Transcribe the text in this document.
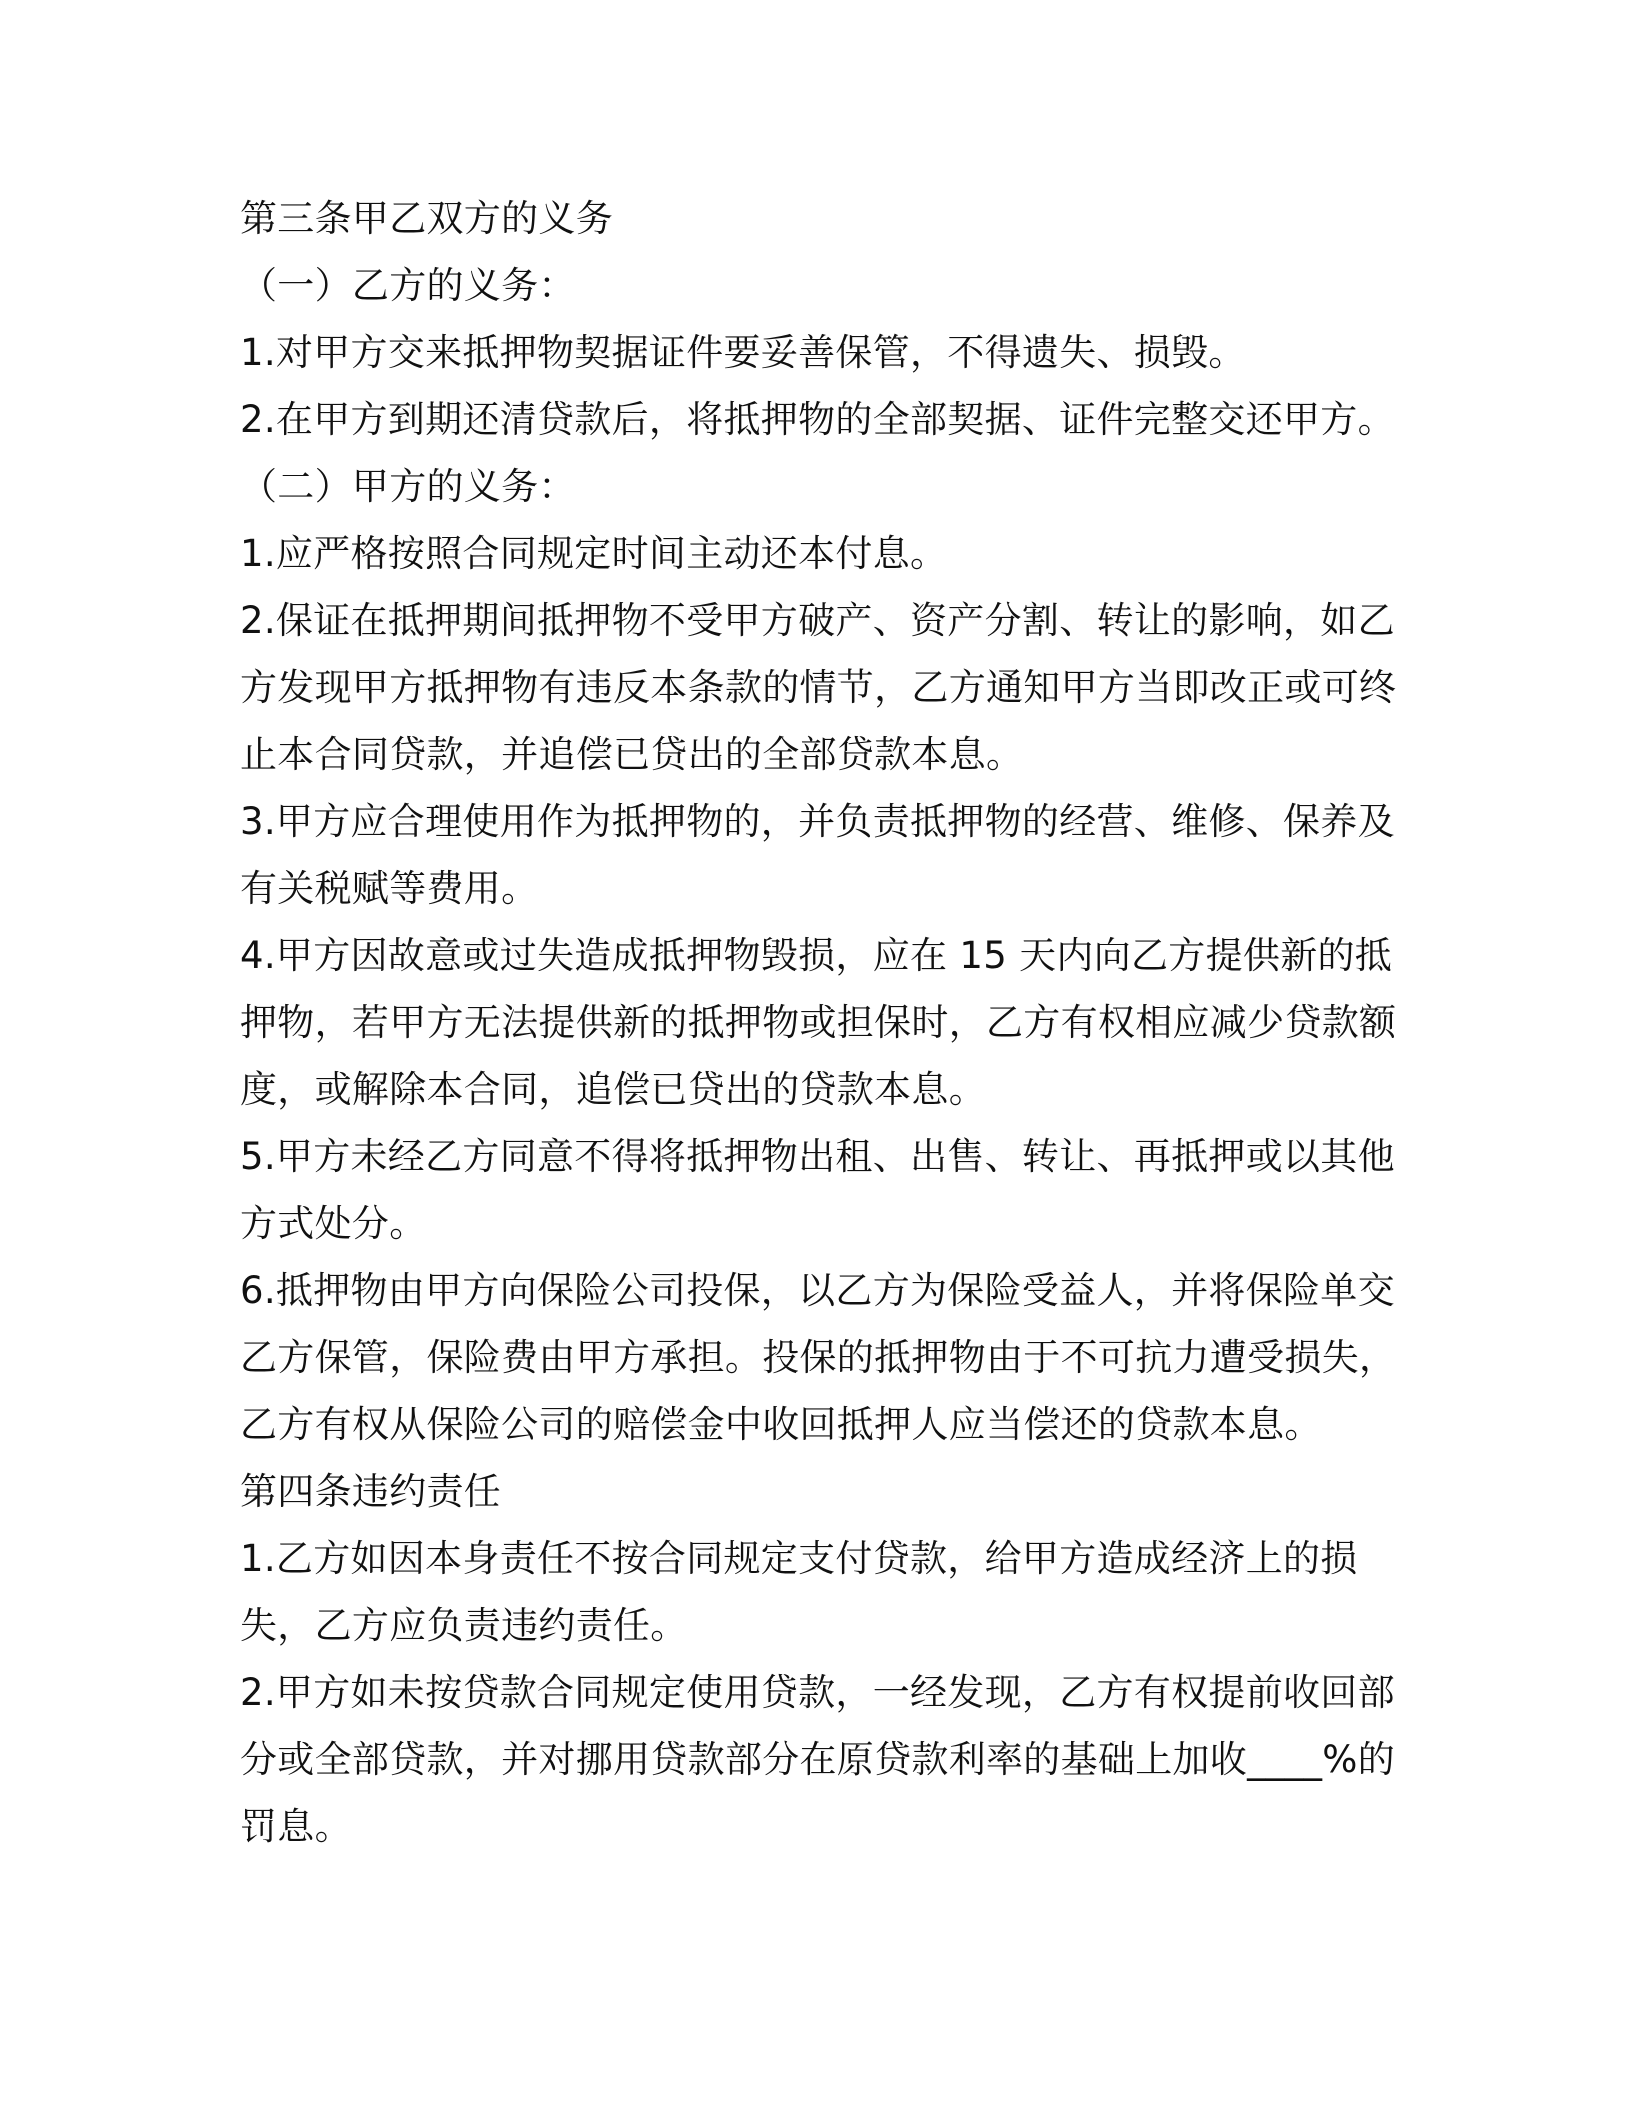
第三条甲乙双方的义务
（一）乙方的义务：
1.对甲方交来抵押物契据证件要妥善保管，不得遗失、损毁。
2.在甲方到期还清贷款后，将抵押物的全部契据、证件完整交还甲方。
（二）甲方的义务：
1.应严格按照合同规定时间主动还本付息。
2.保证在抵押期间抵押物不受甲方破产、资产分割、转让的影响，如乙
方发现甲方抵押物有违反本条款的情节，乙方通知甲方当即改正或可终
止本合同贷款，并追偿已贷出的全部贷款本息。
3.甲方应合理使用作为抵押物的，并负责抵押物的经营、维修、保养及
有关税赋等费用。
4.甲方因故意或过失造成抵押物毁损，应在 15 天内向乙方提供新的抵
押物，若甲方无法提供新的抵押物或担保时，乙方有权相应减少贷款额
度，或解除本合同，追偿已贷出的贷款本息。
5.甲方未经乙方同意不得将抵押物出租、出售、转让、再抵押或以其他
方式处分。
6.抵押物由甲方向保险公司投保，以乙方为保险受益人，并将保险单交
乙方保管，保险费由甲方承担。投保的抵押物由于不可抗力遭受损失，
乙方有权从保险公司的赔偿金中收回抵押人应当偿还的贷款本息。
第四条违约责任
1.乙方如因本身责任不按合同规定支付贷款，给甲方造成经济上的损
失，乙方应负责违约责任。
2.甲方如未按贷款合同规定使用贷款，一经发现，乙方有权提前收回部
分或全部贷款，并对挪用贷款部分在原贷款利率的基础上加收____%的
罚息。
